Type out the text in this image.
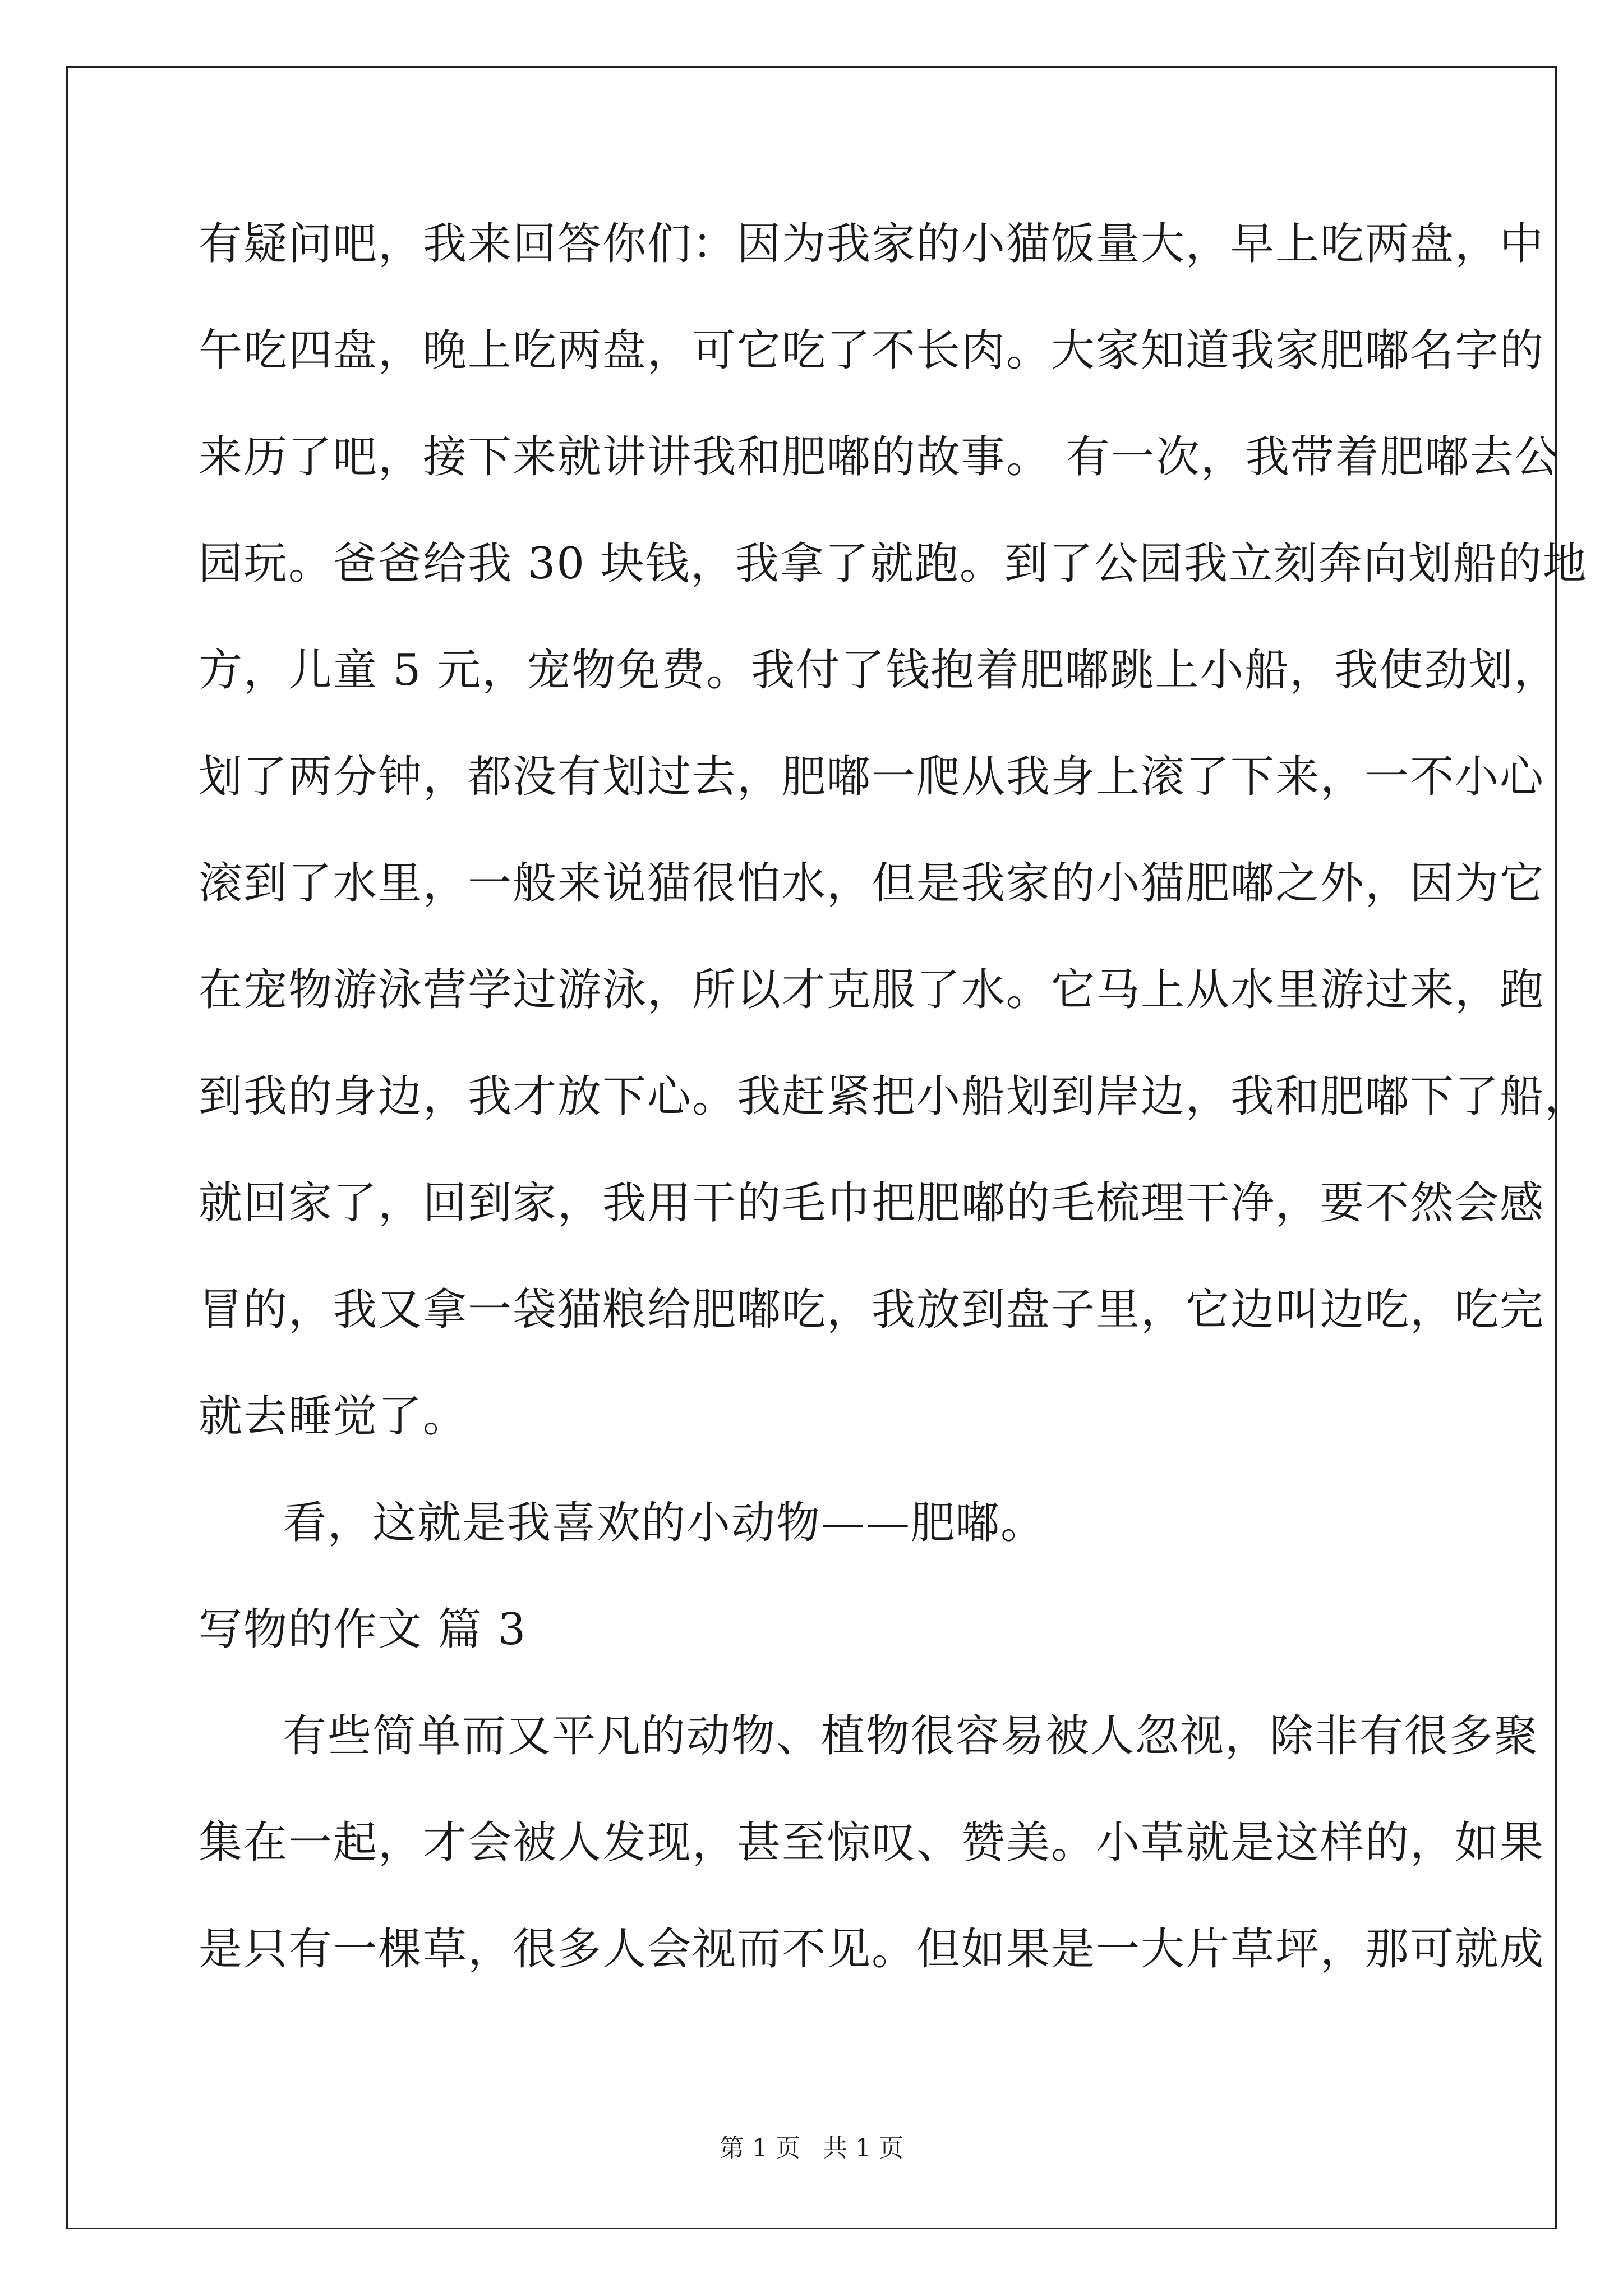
有疑问吧，我来回答你们：因为我家的小猫饭量大，早上吃两盘，中
午吃四盘，晚上吃两盘，可它吃了不长肉。大家知道我家肥嘟名字的
来历了吧，接下来就讲讲我和肥嘟的故事。 有一次，我带着肥嘟去公
园玩。爸爸给我 30 块钱，我拿了就跑。到了公园我立刻奔向划船的地
方，儿童 5 元，宠物免费。我付了钱抱着肥嘟跳上小船，我使劲划，
划了两分钟，都没有划过去，肥嘟一爬从我身上滚了下来，一不小心
滚到了水里，一般来说猫很怕水，但是我家的小猫肥嘟之外，因为它
在宠物游泳营学过游泳，所以才克服了水。它马上从水里游过来，跑
到我的身边，我才放下心。我赶紧把小船划到岸边，我和肥嘟下了船，
就回家了，回到家，我用干的毛巾把肥嘟的毛梳理干净，要不然会感
冒的，我又拿一袋猫粮给肥嘟吃，我放到盘子里，它边叫边吃，吃完
就去睡觉了。
看，这就是我喜欢的小动物——肥嘟。
写物的作文 篇 3
有些简单而又平凡的动物、植物很容易被人忽视，除非有很多聚
集在一起，才会被人发现，甚至惊叹、赞美。小草就是这样的，如果
是只有一棵草，很多人会视而不见。但如果是一大片草坪，那可就成
第 1 页 共 1 页
